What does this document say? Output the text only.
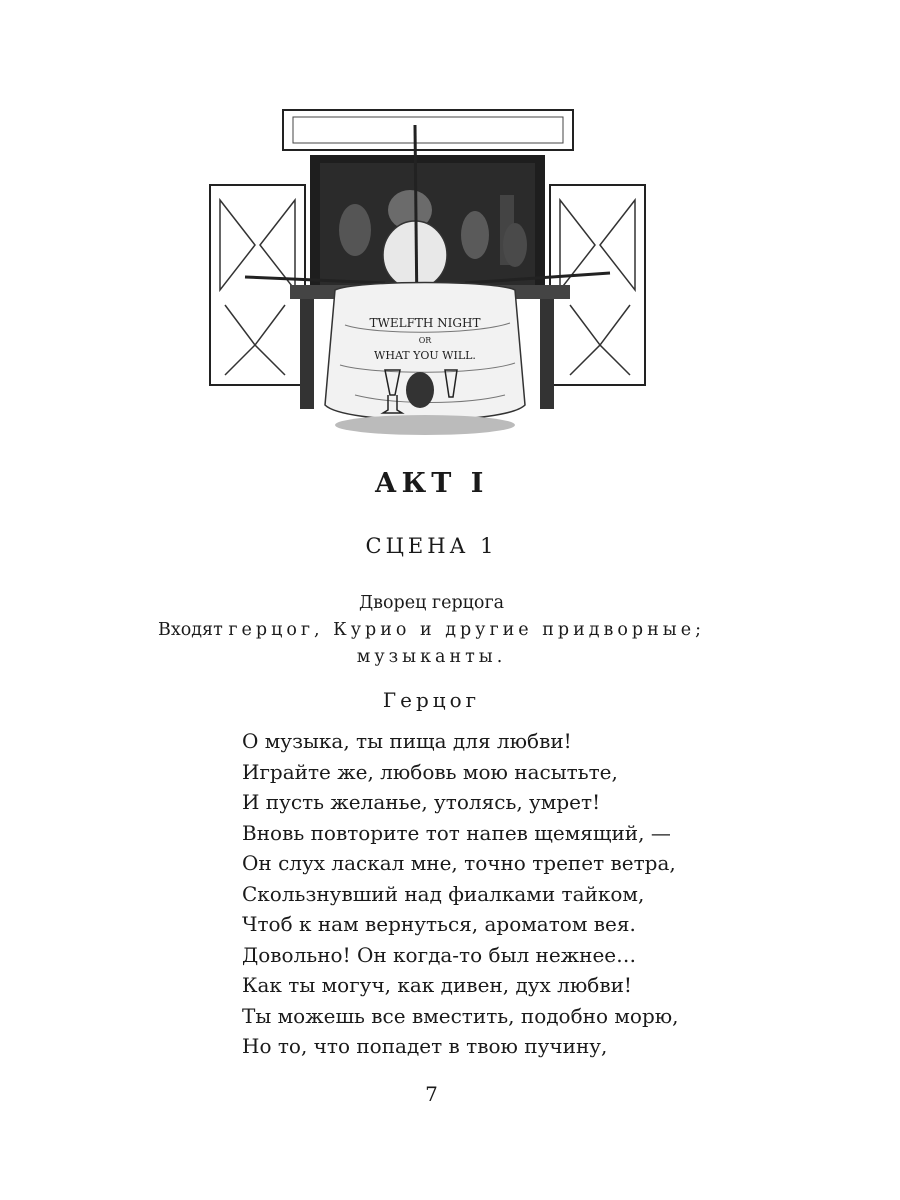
TWELFTH NIGHT
OR
WHAT YOU WILL.
АКТ I
СЦЕНА 1
Дворец герцога
Входят герцог, Курио и другие придворные;
музыканты.
Герцог
О музыка, ты пища для любви!
Играйте же, любовь мою насытьте,
И пусть желанье, утолясь, умрет!
Вновь повторите тот напев щемящий, —
Он слух ласкал мне, точно трепет ветра,
Скользнувший над фиалками тайком,
Чтоб к нам вернуться, ароматом вея.
Довольно! Он когда-то был нежнее…
Как ты могуч, как дивен, дух любви!
Ты можешь все вместить, подобно морю,
Но то, что попадет в твою пучину,
7
